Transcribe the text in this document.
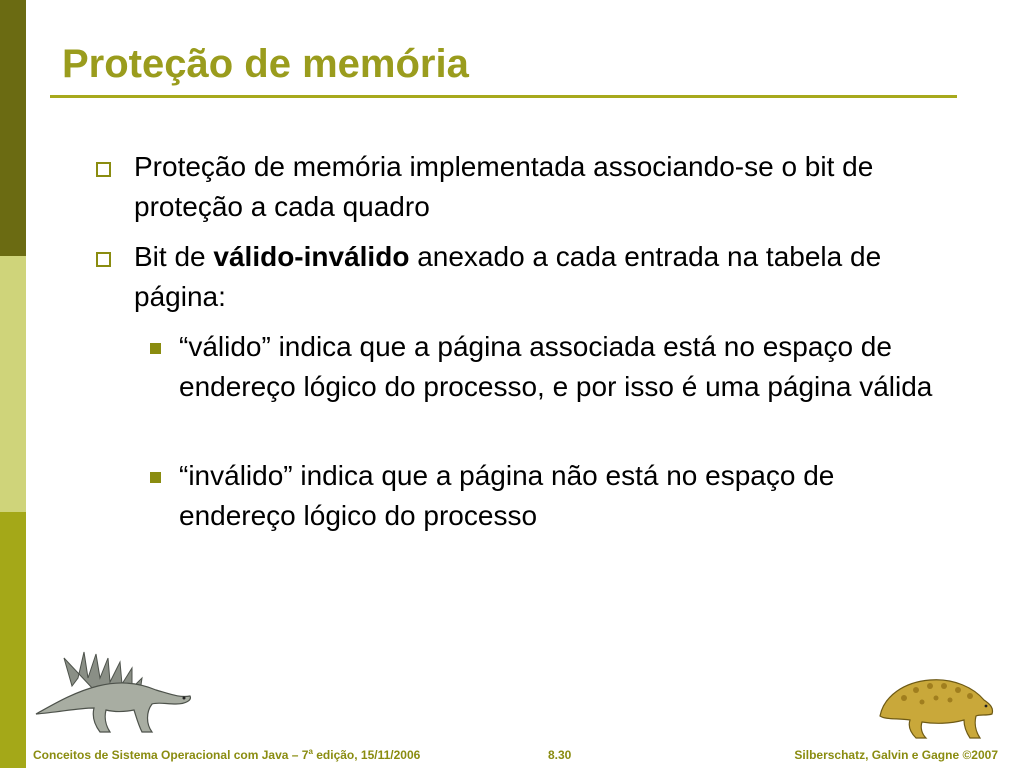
Proteção de memória
Proteção de memória implementada associando-se o bit de proteção a cada quadro
Bit de válido-inválido anexado a cada entrada na tabela de página:
“válido” indica que a página associada está no espaço de endereço lógico do processo, e por isso é uma página válida
“inválido” indica que a página não está no espaço de endereço lógico do processo
Conceitos de Sistema Operacional com Java – 7$^a$ edição, 15/11/2006	8.30	Silberschatz, Galvin e Gagne ©2007
